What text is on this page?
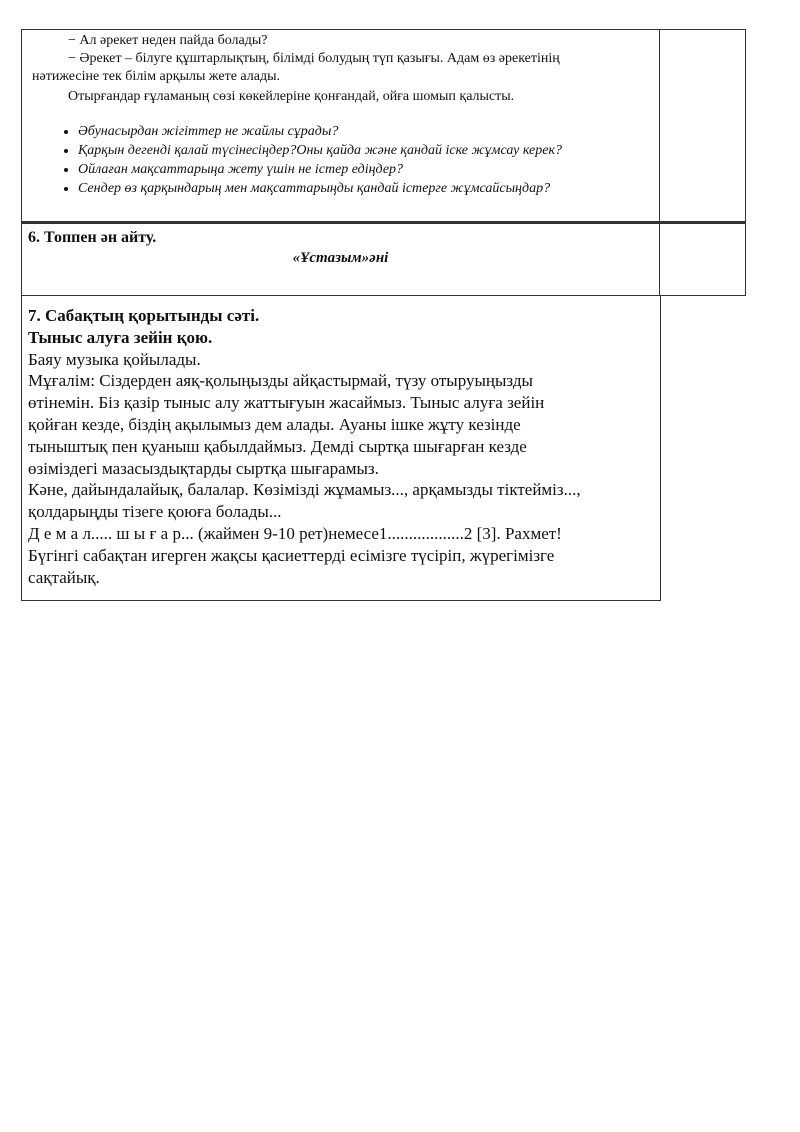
− Ал әрекет неден пайда болады?

− Әрекет – білуге құштарлықтың, білімді болудың түп қазығы. Адам өз әрекетінің

нәтижесіне тек білім арқылы жете алады.

Отырғандар ғұламаның сөзі көкейлеріне қонғандай, ойға шомып қалысты.

• Әбунасырдан жігіттер не жайлы сұрады?
• Қарқын дегенді қалай түсінесіңдер?Оны қайда және қандай іске жұмсау керек?
• Ойлаған мақсаттарыңа жету үшін не істер едіңдер?
• Сендер өз қарқындарың мен мақсаттарыңды қандай істерге жұмсайсыңдар?
6. Топпен ән айту.
«Ұстазым»әні
7. Сабақтың қорытынды сәті.
Тыныс алуға зейін қою.
Баяу музыка қойылады.
Мұғалім: Сіздерден аяқ-қолыңызды айқастырмай, түзу отыруыңызды
өтінемін. Біз қазір тыныс алу жаттығуын жасаймыз. Тыныс алуға зейін
қойған кезде, біздің ақылымыз дем алады. Ауаны ішке жұту кезінде
тыныштық пен қуаныш қабылдаймыз. Демді сыртқа шығарған кезде
өзіміздегі мазасыздықтарды сыртқа шығарамыз.
Кәне, дайындалайық, балалар. Көзімізді жұмамыз..., арқамызды тіктейміз...,
қолдарыңды тізеге қоюға болады...
Д е м а л..... ш ы ғ а р... (жаймен 9-10 рет)немесе1..................2 [3]. Рахмет!
Бүгінгі сабақтан игерген жақсы қасиеттерді есімізге түсіріп, жүрегімізге
сақтайық.
